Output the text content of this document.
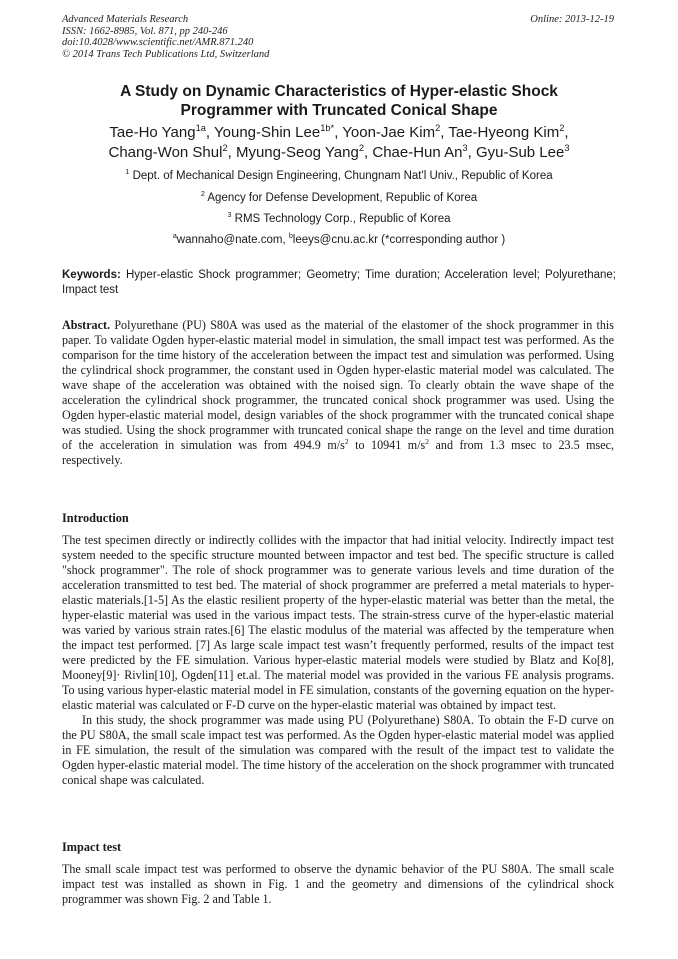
Advanced Materials Research
ISSN: 1662-8985, Vol. 871, pp 240-246
doi:10.4028/www.scientific.net/AMR.871.240
© 2014 Trans Tech Publications Ltd, Switzerland
Online: 2013-12-19
A Study on Dynamic Characteristics of Hyper-elastic Shock
Programmer with Truncated Conical Shape
Tae-Ho Yang$^{1a}$, Young-Shin Lee$^{1b*}$, Yoon-Jae Kim$^2$, Tae-Hyeong Kim$^2$,
Chang-Won Shul$^2$, Myung-Seog Yang$^2$, Chae-Hun An$^3$, Gyu-Sub Lee$^3$
$^1$ Dept. of Mechanical Design Engineering, Chungnam Nat'l Univ., Republic of Korea
$^2$ Agency for Defense Development, Republic of Korea
$^3$ RMS Technology Corp., Republic of Korea
$^a$wannaho@nate.com, $^b$leeys@cnu.ac.kr (*corresponding author )
Keywords: Hyper-elastic Shock programmer; Geometry; Time duration; Acceleration level; Polyurethane; Impact test

Abstract. Polyurethane (PU) S80A was used as the material of the elastomer of the shock programmer in this paper. To validate Ogden hyper-elastic material model in simulation, the small impact test was performed. As the comparison for the time history of the acceleration between the impact test and simulation was performed. Using the cylindrical shock programmer, the constant used in Ogden hyper-elastic material model was calculated. The wave shape of the acceleration was obtained with the noised sign. To clearly obtain the wave shape of the acceleration the cylindrical shock programmer, the truncated conical shock programmer was used. Using the Ogden hyper-elastic material model, design variables of the shock programmer with the truncated conical shape was studied. Using the shock programmer with truncated conical shape the range on the level and time duration of the acceleration in simulation was from 494.9 $m/s^2$ to 10941 $m/s^2$ and from 1.3 msec to 23.5 msec, respectively.

Introduction

The test specimen directly or indirectly collides with the impactor that had initial velocity. Indirectly impact test system needed to the specific structure mounted between impactor and test bed. The specific structure is called "shock programmer". The role of shock programmer was to generate various levels and time duration of the acceleration transmitted to test bed. The material of shock programmer are preferred a metal materials to hyper-elastic materials.[1-5] As the elastic resilient property of the hyper-elastic material was better than the metal, the hyper-elastic material was used in the various impact tests. The strain-stress curve of the hyper-elastic material was varied by various strain rates.[6] The elastic modulus of the material was affected by the temperature when the impact test performed. [7] As large scale impact test wasn’t frequently performed, results of the impact test were predicted by the FE simulation. Various hyper-elastic material models were studied by Blatz and Ko[8], Mooney[9]· Rivlin[10], Ogden[11] et.al. The material model was provided in the various FE analysis programs. To using various hyper-elastic material model in FE simulation, constants of the governing equation on the hyper-elastic material was calculated or F-D curve on the hyper-elastic material was obtained by impact test.

In this study, the shock programmer was made using PU (Polyurethane) S80A. To obtain the F-D curve on the PU S80A, the small scale impact test was performed. As the Ogden hyper-elastic material model was applied in FE simulation, the result of the simulation was compared with the result of the impact test to validate the Ogden hyper-elastic material model. The time history of the acceleration on the shock programmer with truncated conical shape was calculated.

Impact test

The small scale impact test was performed to observe the dynamic behavior of the PU S80A. The small scale impact test was installed as shown in Fig. 1 and the geometry and dimensions of the cylindrical shock programmer was shown Fig. 2 and Table 1.
